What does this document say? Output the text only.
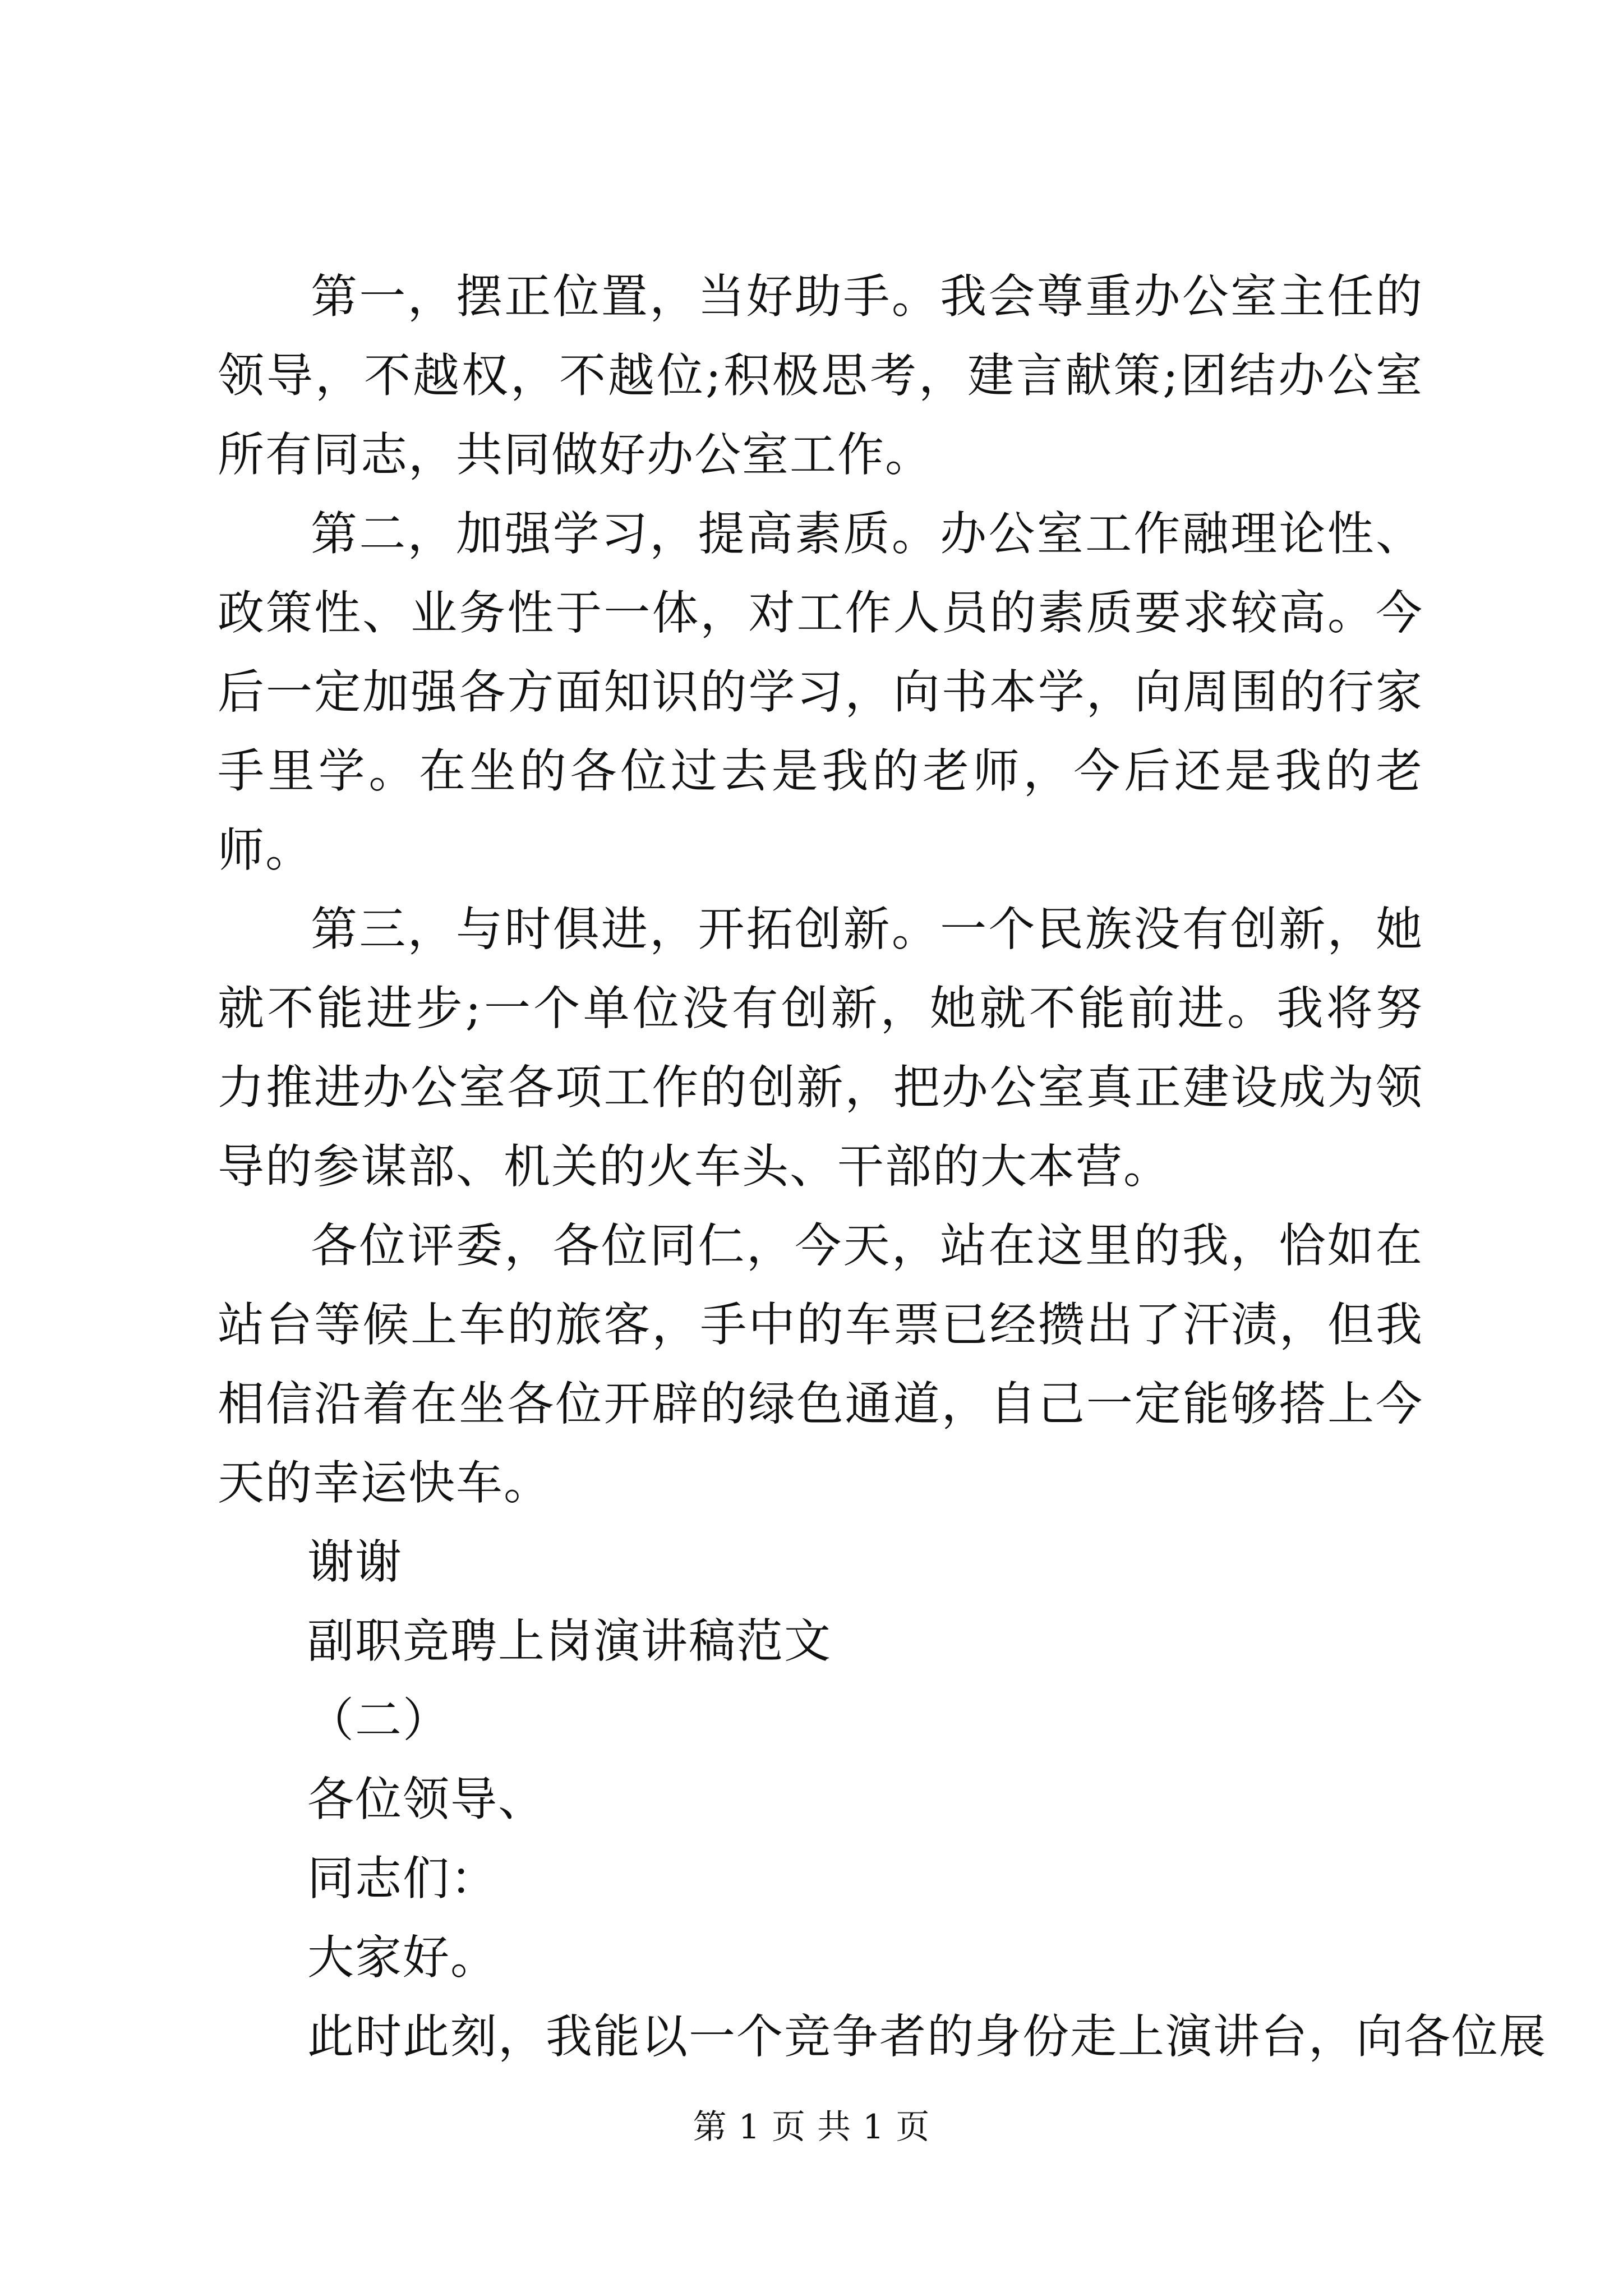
第一，摆正位置，当好助手。我会尊重办公室主任的领导，不越权，不越位;积极思考，建言献策;团结办公室所有同志，共同做好办公室工作。

第二，加强学习，提高素质。办公室工作融理论性、政策性、业务性于一体，对工作人员的素质要求较高。今后一定加强各方面知识的学习，向书本学，向周围的行家手里学。在坐的各位过去是我的老师，今后还是我的老师。

第三，与时俱进，开拓创新。一个民族没有创新，她就不能进步;一个单位没有创新，她就不能前进。我将努力推进办公室各项工作的创新，把办公室真正建设成为领导的参谋部、机关的火车头、干部的大本营。

各位评委，各位同仁，今天，站在这里的我，恰如在站台等候上车的旅客，手中的车票已经攒出了汗渍，但我相信沿着在坐各位开辟的绿色通道，自己一定能够搭上今天的幸运快车。

谢谢

副职竞聘上岗演讲稿范文

（二）

各位领导、

同志们：

大家好。

此时此刻，我能以一个竞争者的身份走上演讲台，向各位展

第 1 页 共 1 页
